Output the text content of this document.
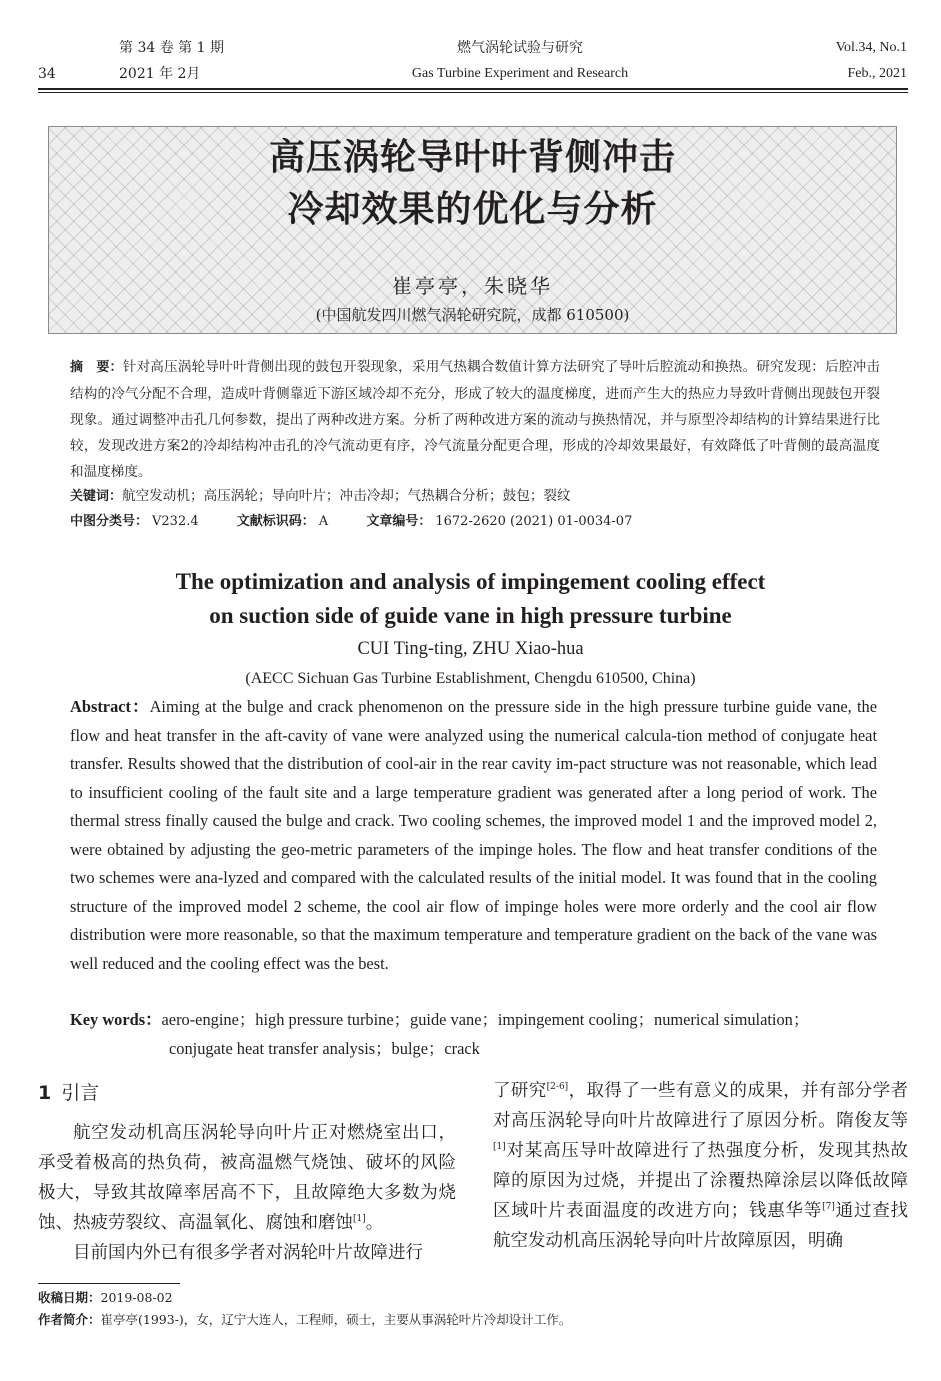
34
第 34 卷 第 1 期
2021 年 2月
燃气涡轮试验与研究
Gas Turbine Experiment and Research
Vol.34, No.1
Feb., 2021
高压涡轮导叶叶背侧冲击
冷却效果的优化与分析
崔亭亭，朱晓华
(中国航发四川燃气涡轮研究院，成都 610500)
摘　要：针对高压涡轮导叶叶背侧出现的鼓包开裂现象，采用气热耦合数值计算方法研究了导叶后腔流动和换热。研究发现：后腔冲击结构的冷气分配不合理，造成叶背侧靠近下游区域冷却不充分，形成了较大的温度梯度，进而产生大的热应力导致叶背侧出现鼓包开裂现象。通过调整冲击孔几何参数，提出了两种改进方案。分析了两种改进方案的流动与换热情况，并与原型冷却结构的计算结果进行比较，发现改进方案2的冷却结构冲击孔的冷气流动更有序，冷气流量分配更合理，形成的冷却效果最好，有效降低了叶背侧的最高温度和温度梯度。
关键词：航空发动机；高压涡轮；导向叶片；冲击冷却；气热耦合分析；鼓包；裂纹
中图分类号： V232.4	文献标识码： A	文章编号： 1672-2620 (2021) 01-0034-07
The optimization and analysis of impingement cooling effect
on suction side of guide vane in high pressure turbine
CUI Ting-ting, ZHU Xiao-hua
(AECC Sichuan Gas Turbine Establishment, Chengdu 610500, China)
Abstract：Aiming at the bulge and crack phenomenon on the pressure side in the high pressure turbine guide vane, the flow and heat transfer in the aft-cavity of vane were analyzed using the numerical calcula-tion method of conjugate heat transfer. Results showed that the distribution of cool-air in the rear cavity im-pact structure was not reasonable, which lead to insufficient cooling of the fault site and a large temperature gradient was generated after a long period of work. The thermal stress finally caused the bulge and crack. Two cooling schemes, the improved model 1 and the improved model 2, were obtained by adjusting the geo-metric parameters of the impinge holes. The flow and heat transfer conditions of the two schemes were ana-lyzed and compared with the calculated results of the initial model. It was found that in the cooling structure of the improved model 2 scheme, the cool air flow of impinge holes were more orderly and the cool air flow distribution were more reasonable, so that the maximum temperature and temperature gradient on the back of the vane was well reduced and the cooling effect was the best.
Key words：aero-engine；high pressure turbine；guide vane；impingement cooling；numerical simulation；
conjugate heat transfer analysis；bulge；crack
1 引言
航空发动机高压涡轮导向叶片正对燃烧室出口，承受着极高的热负荷，被高温燃气烧蚀、破坏的风险极大，导致其故障率居高不下，且故障绝大多数为烧蚀、热疲劳裂纹、高温氧化、腐蚀和磨蚀[1]。
目前国内外已有很多学者对涡轮叶片故障进行
了研究[2-6]，取得了一些有意义的成果，并有部分学者对高压涡轮导向叶片故障进行了原因分析。隋俊友等[1]对某高压导叶故障进行了热强度分析，发现其热故障的原因为过烧，并提出了涂覆热障涂层以降低故障区域叶片表面温度的改进方向；钱惠华等[7]通过查找航空发动机高压涡轮导向叶片故障原因，明确
收稿日期：2019-08-02
作者简介：崔亭亭(1993-)，女，辽宁大连人，工程师，硕士，主要从事涡轮叶片冷却设计工作。
